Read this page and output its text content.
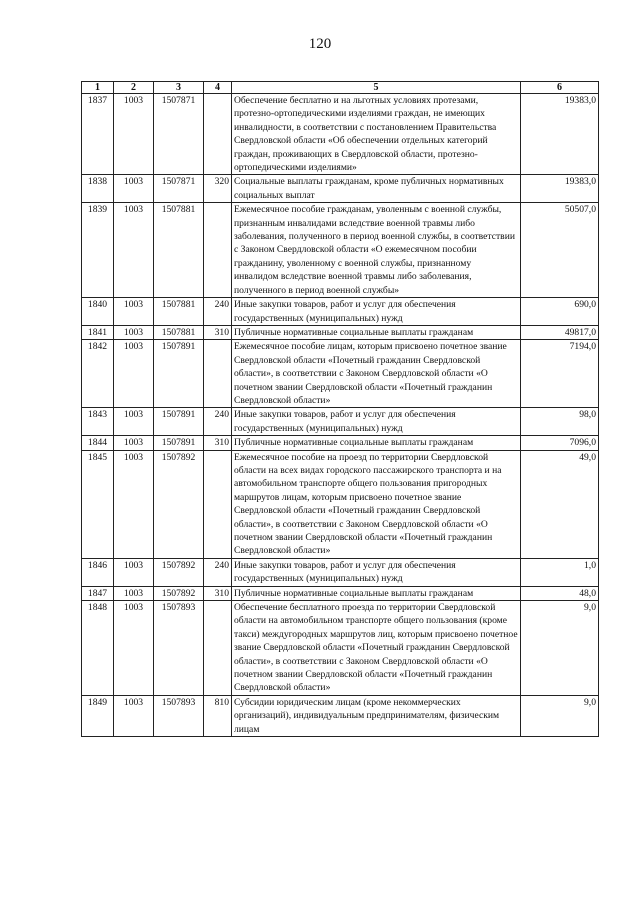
120
1	2	3	4	5	6
1837	1003	1507871		Обеспечение бесплатно и на льготных условиях протезами, протезно-ортопедическими изделиями граждан, не имеющих инвалидности, в соответствии с постановлением Правительства Свердловской области «Об обеспечении отдельных категорий граждан, проживающих в Свердловской области, протезно-ортопедическими изделиями»	19383,0
1838	1003	1507871	320	Социальные выплаты гражданам, кроме публичных нормативных социальных выплат	19383,0
1839	1003	1507881		Ежемесячное пособие гражданам, уволенным с военной службы, признанным инвалидами вследствие военной травмы либо заболевания, полученного в период военной службы, в соответствии с Законом Свердловской области «О ежемесячном пособии гражданину, уволенному с военной службы, признанному инвалидом вследствие военной травмы либо заболевания, полученного в период военной службы»	50507,0
1840	1003	1507881	240	Иные закупки товаров, работ и услуг для обеспечения государственных (муниципальных) нужд	690,0
1841	1003	1507881	310	Публичные нормативные социальные выплаты гражданам	49817,0
1842	1003	1507891		Ежемесячное пособие лицам, которым присвоено почетное звание Свердловской области «Почетный гражданин Свердловской области», в соответствии с Законом Свердловской области «О почетном звании Свердловской области «Почетный гражданин Свердловской области»	7194,0
1843	1003	1507891	240	Иные закупки товаров, работ и услуг для обеспечения государственных (муниципальных) нужд	98,0
1844	1003	1507891	310	Публичные нормативные социальные выплаты гражданам	7096,0
1845	1003	1507892		Ежемесячное пособие на проезд по территории Свердловской области на всех видах городского пассажирского транспорта и на автомобильном транспорте общего пользования пригородных маршрутов лицам, которым присвоено почетное звание Свердловской области «Почетный гражданин Свердловской области», в соответствии с Законом Свердловской области «О почетном звании Свердловской области «Почетный гражданин Свердловской области»	49,0
1846	1003	1507892	240	Иные закупки товаров, работ и услуг для обеспечения государственных (муниципальных) нужд	1,0
1847	1003	1507892	310	Публичные нормативные социальные выплаты гражданам	48,0
1848	1003	1507893		Обеспечение бесплатного проезда по территории Свердловской области на автомобильном транспорте общего пользования (кроме такси) междугородных маршрутов лиц, которым присвоено почетное звание Свердловской области «Почетный гражданин Свердловской области», в соответствии с Законом Свердловской области «О почетном звании Свердловской области «Почетный гражданин Свердловской области»	9,0
1849	1003	1507893	810	Субсидии юридическим лицам (кроме некоммерческих организаций), индивидуальным предпринимателям, физическим лицам	9,0
